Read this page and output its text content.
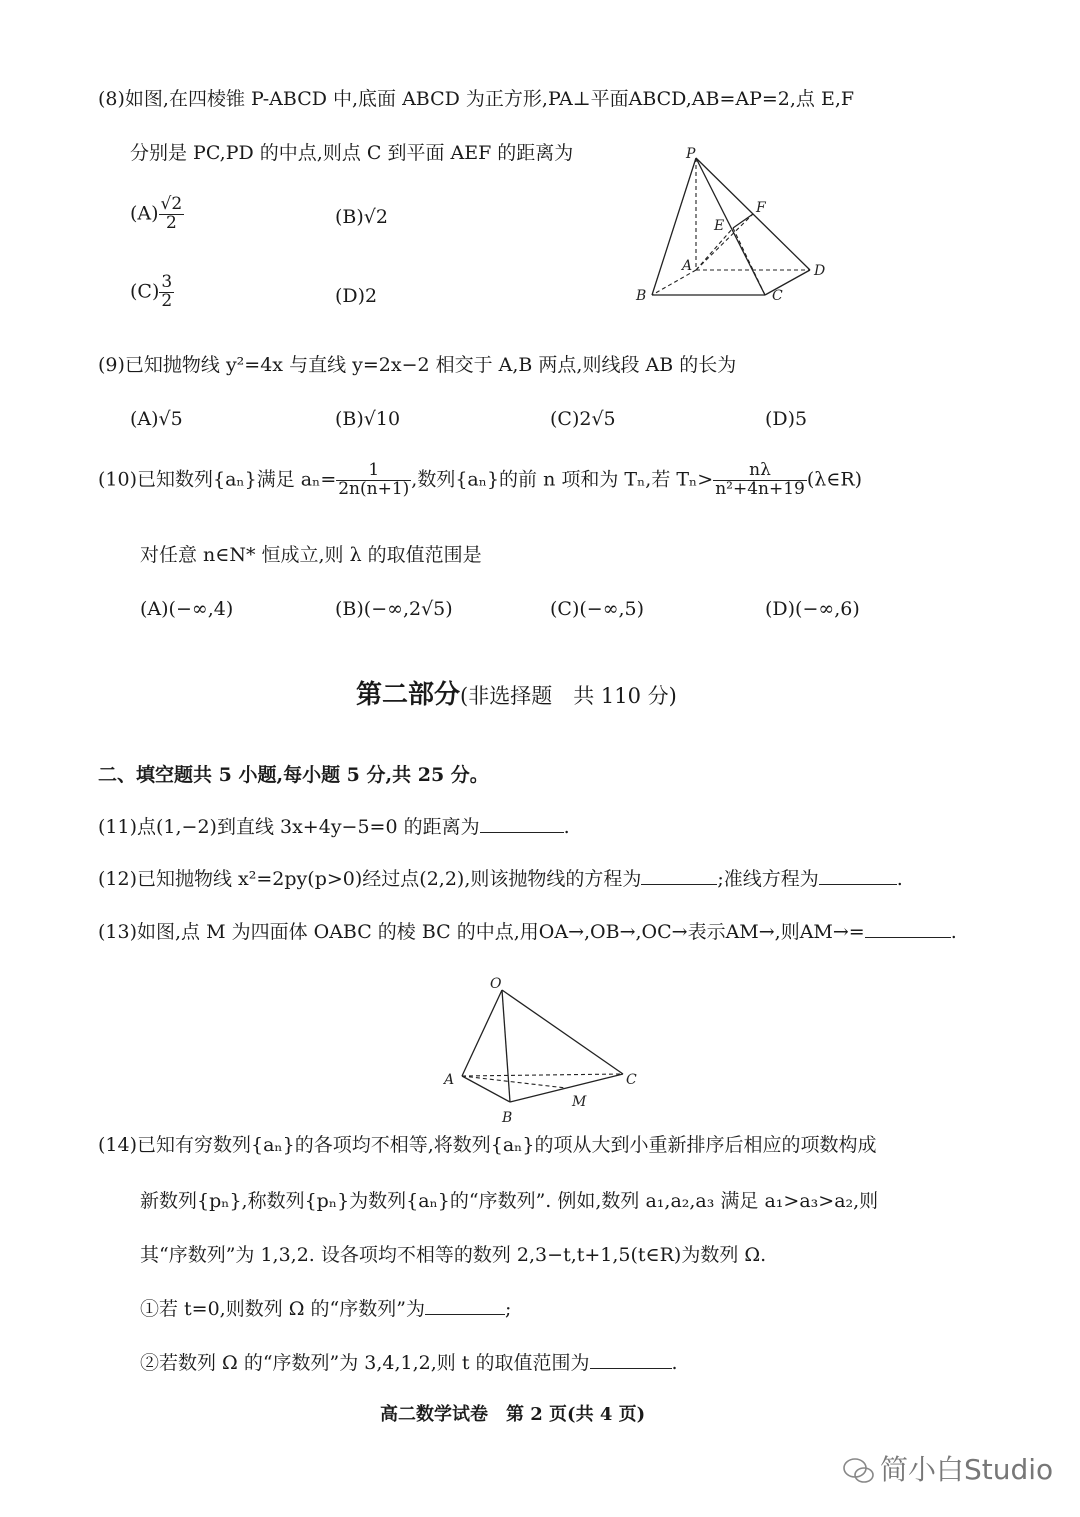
(8)如图,在四棱锥 P-ABCD 中,底面 ABCD 为正方形,PA⊥平面ABCD,AB=AP=2,点 E,F
分别是 PC,PD 的中点,则点 C 到平面 AEF 的距离为
$(A) \frac{√2}{2}$	(B)√2
$(C) \frac{3}{2}$	(D)2
P
F
E
A	D
B	C
(9)已知抛物线 y²=4x 与直线 y=2x−2 相交于 A,B 两点,则线段 AB 的长为
(A)√5	(B)√10	(C)2√5	(D)5
(10)已知数列{aₙ}满足 $a_n= \frac{1}{2n(n+1)}$ ,数列{aₙ}的前 n 项和为 Tₙ,若 $T_n> \frac{n\lambda}{\text{n²+4n+19}}$ (λ∈R)
对任意 n∈N* 恒成立,则 λ 的取值范围是
(A)(−∞,4)	(B)(−∞,2√5)	(C)(−∞,5)	(D)(−∞,6)
第二部分(非选择题　共 110 分)
二、填空题共 5 小题,每小题 5 分,共 25 分。
(11)点(1,−2)到直线 3x+4y−5=0 的距离为	.
(12)已知抛物线 x²=2py(p>0)经过点(2,2),则该抛物线的方程为	;准线方程为	.
(13)如图,点 M 为四面体 OABC 的棱 BC 的中点,用OA→,OB→,OC→表示AM→,则AM→=	.
O
A	C
B
M
(14)已知有穷数列{aₙ}的各项均不相等,将数列{aₙ}的项从大到小重新排序后相应的项数构成
新数列{pₙ},称数列{pₙ}为数列{aₙ}的“序数列”. 例如,数列 a₁,a₂,a₃ 满足 a₁>a₃>a₂,则
其“序数列”为 1,3,2. 设各项均不相等的数列 2,3−t,t+1,5(t∈R)为数列 Ω.
①若 t=0,则数列 Ω 的“序数列”为	;
②若数列 Ω 的“序数列”为 3,4,1,2,则 t 的取值范围为	.
高二数学试卷　第 2 页(共 4 页)
简小白Studio
